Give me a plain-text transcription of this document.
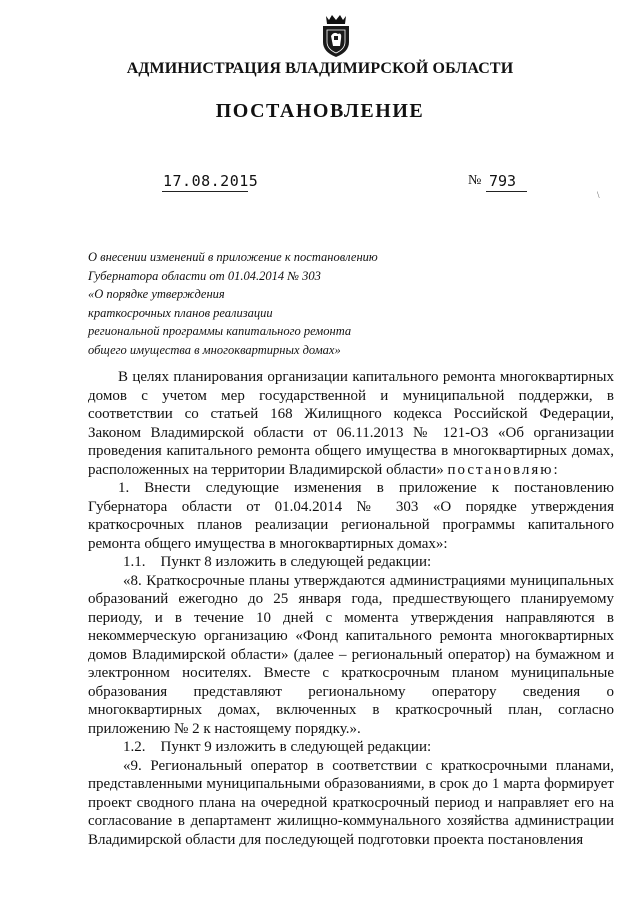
АДМИНИСТРАЦИЯ ВЛАДИМИРСКОЙ ОБЛАСТИ
ПОСТАНОВЛЕНИЕ
17.08.2015	№ 793
\
О внесении изменений в приложение к постановлению
Губернатора области от 01.04.2014 № 303
«О порядке утверждения
краткосрочных планов реализации
региональной программы капитального ремонта
общего имущества в многоквартирных домах»

В целях планирования организации капитального ремонта многоквартирных домов с учетом мер государственной и муниципальной поддержки, в соответствии со статьей 168 Жилищного кодекса Российской Федерации, Законом Владимирской области от 06.11.2013 № 121-ОЗ «Об организации проведения капитального ремонта общего имущества в многоквартирных домах, расположенных на территории Владимирской области» постановляю:

1. Внести следующие изменения в приложение к постановлению Губернатора области от 01.04.2014 № 303 «О порядке утверждения краткосрочных планов реализации региональной программы капитального ремонта общего имущества в многоквартирных домах»:

1.1. Пункт 8 изложить в следующей редакции:

«8. Краткосрочные планы утверждаются администрациями муниципальных образований ежегодно до 25 января года, предшествующего планируемому периоду, и в течение 10 дней с момента утверждения направляются в некоммерческую организацию «Фонд капитального ремонта многоквартирных домов Владимирской области» (далее – региональный оператор) на бумажном и электронном носителях. Вместе с краткосрочным планом муниципальные образования представляют региональному оператору сведения о многоквартирных домах, включенных в краткосрочный план, согласно приложению № 2 к настоящему порядку.».

1.2. Пункт 9 изложить в следующей редакции:

«9. Региональный оператор в соответствии с краткосрочными планами, представленными муниципальными образованиями, в срок до 1 марта формирует проект сводного плана на очередной краткосрочный период и направляет его на согласование в департамент жилищно-коммунального хозяйства администрации Владимирской области для последующей подготовки проекта постановления
